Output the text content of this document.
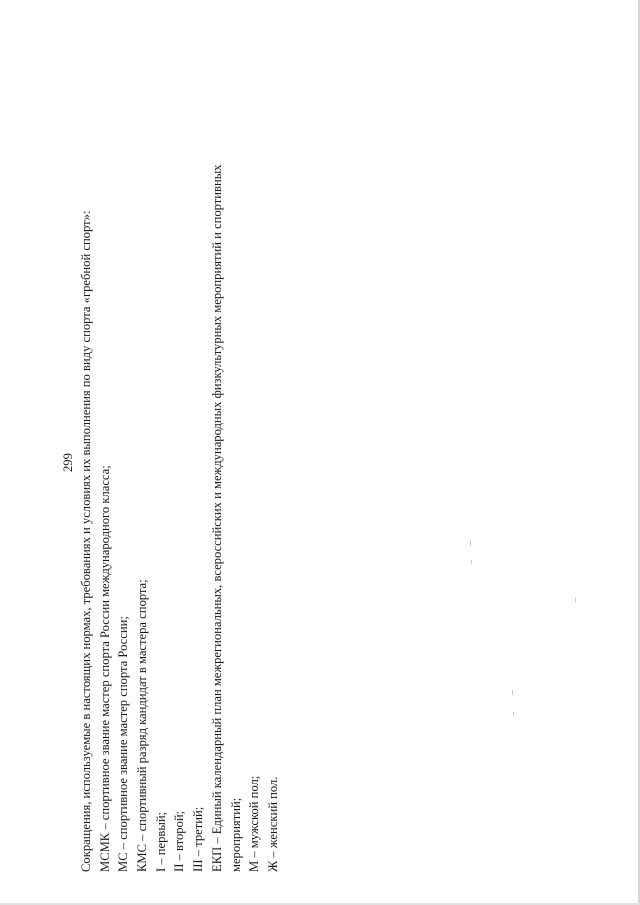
299 Сокращения, используемые в настоящих нормах, требованиях и условиях их выполнения по виду спорта «гребной спорт»: МСМК – спортивное звание мастер спорта России международного класса; МС – спортивное звание мастер спорта России; КМС – спортивный разряд кандидат в мастера спорта; I – первый; II – второй; III – третий; ЕКП – Единый календарный план межрегиональных, всероссийских и международных физкультурных мероприятий и спортивных мероприятий; М – мужской пол; Ж – женский пол.
